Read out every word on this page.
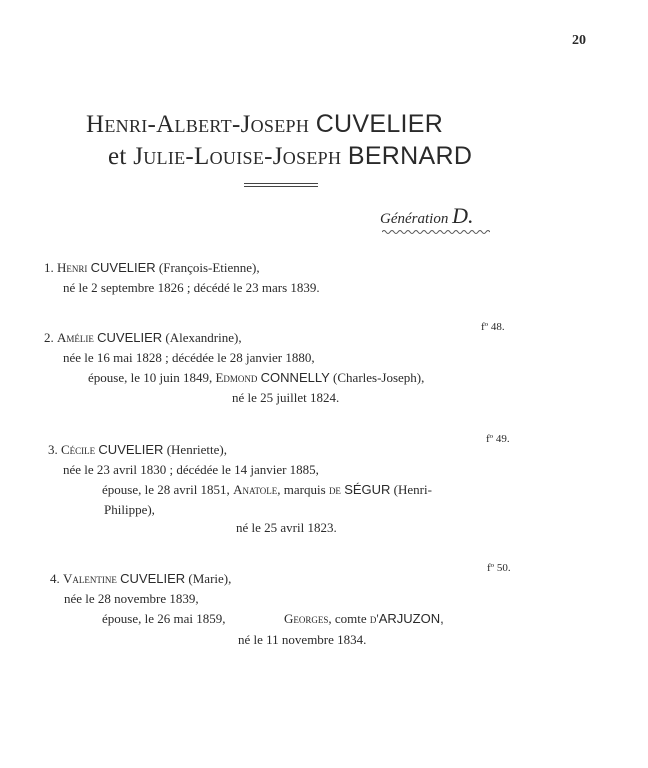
20
Henri-Albert-Joseph CUVELIER
et Julie-Louise-Joseph BERNARD
Génération D.
1. Henri CUVELIER (François-Etienne),
né le 2 septembre 1826 ; décédé le 23 mars 1839.
fº 48.
2. Amélie CUVELIER (Alexandrine),
née le 16 mai 1828 ; décédée le 28 janvier 1880,
épouse, le 10 juin 1849, Edmond CONNELLY (Charles-Joseph),
né le 25 juillet 1824.
fº 49.
3. Cécile CUVELIER (Henriette),
née le 23 avril 1830 ; décédée le 14 janvier 1885,
épouse, le 28 avril 1851, Anatole, marquis de SÉGUR (Henri-
Philippe),
né le 25 avril 1823.
fº 50.
4. Valentine CUVELIER (Marie),
née le 28 novembre 1839,
épouse, le 26 mai 1859,	Georges, comte d'ARJUZON,
né le 11 novembre 1834.
